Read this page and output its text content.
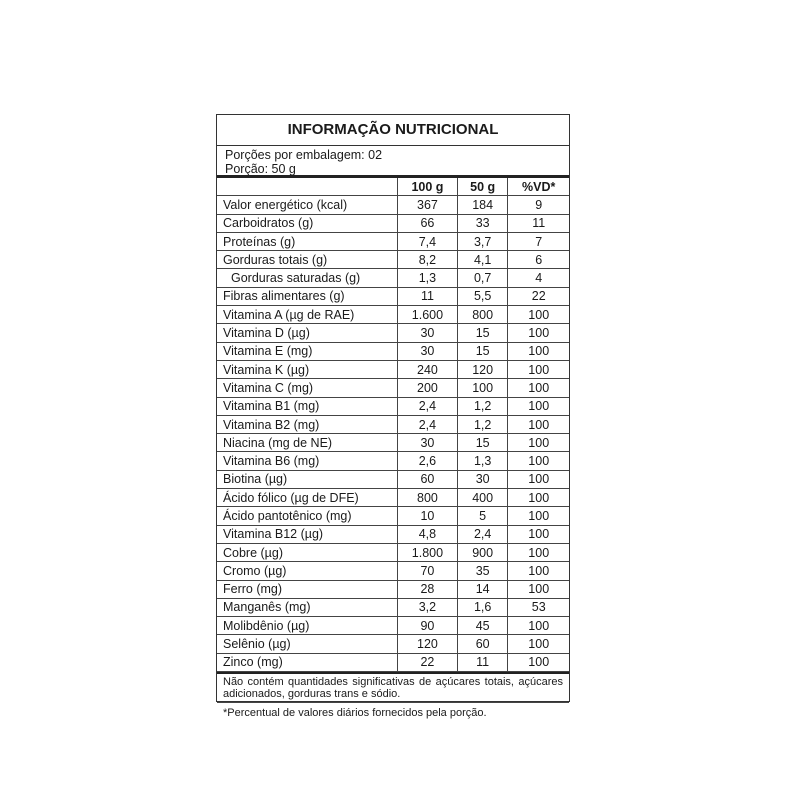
INFORMAÇÃO NUTRICIONAL
Porções por embalagem: 02
Porção: 50 g
	100 g	50 g	%VD*
Valor energético (kcal)	367	184	9
Carboidratos (g)	66	33	11
Proteínas (g)	7,4	3,7	7
Gorduras totais (g)	8,2	4,1	6
Gorduras saturadas (g)	1,3	0,7	4
Fibras alimentares (g)	11	5,5	22
Vitamina A (µg de RAE)	1.600	800	100
Vitamina D (µg)	30	15	100
Vitamina E (mg)	30	15	100
Vitamina K (µg)	240	120	100
Vitamina C (mg)	200	100	100
Vitamina B1 (mg)	2,4	1,2	100
Vitamina B2 (mg)	2,4	1,2	100
Niacina (mg de NE)	30	15	100
Vitamina B6 (mg)	2,6	1,3	100
Biotina (µg)	60	30	100
Ácido fólico (µg de DFE)	800	400	100
Ácido pantotênico (mg)	10	5	100
Vitamina B12 (µg)	4,8	2,4	100
Cobre (µg)	1.800	900	100
Cromo (µg)	70	35	100
Ferro (mg)	28	14	100
Manganês (mg)	3,2	1,6	53
Molibdênio (µg)	90	45	100
Selênio (µg)	120	60	100
Zinco (mg)	22	11	100
Não contém quantidades significativas de açúcares totais, açúcares adicionados, gorduras trans e sódio.
*Percentual de valores diários fornecidos pela porção.
